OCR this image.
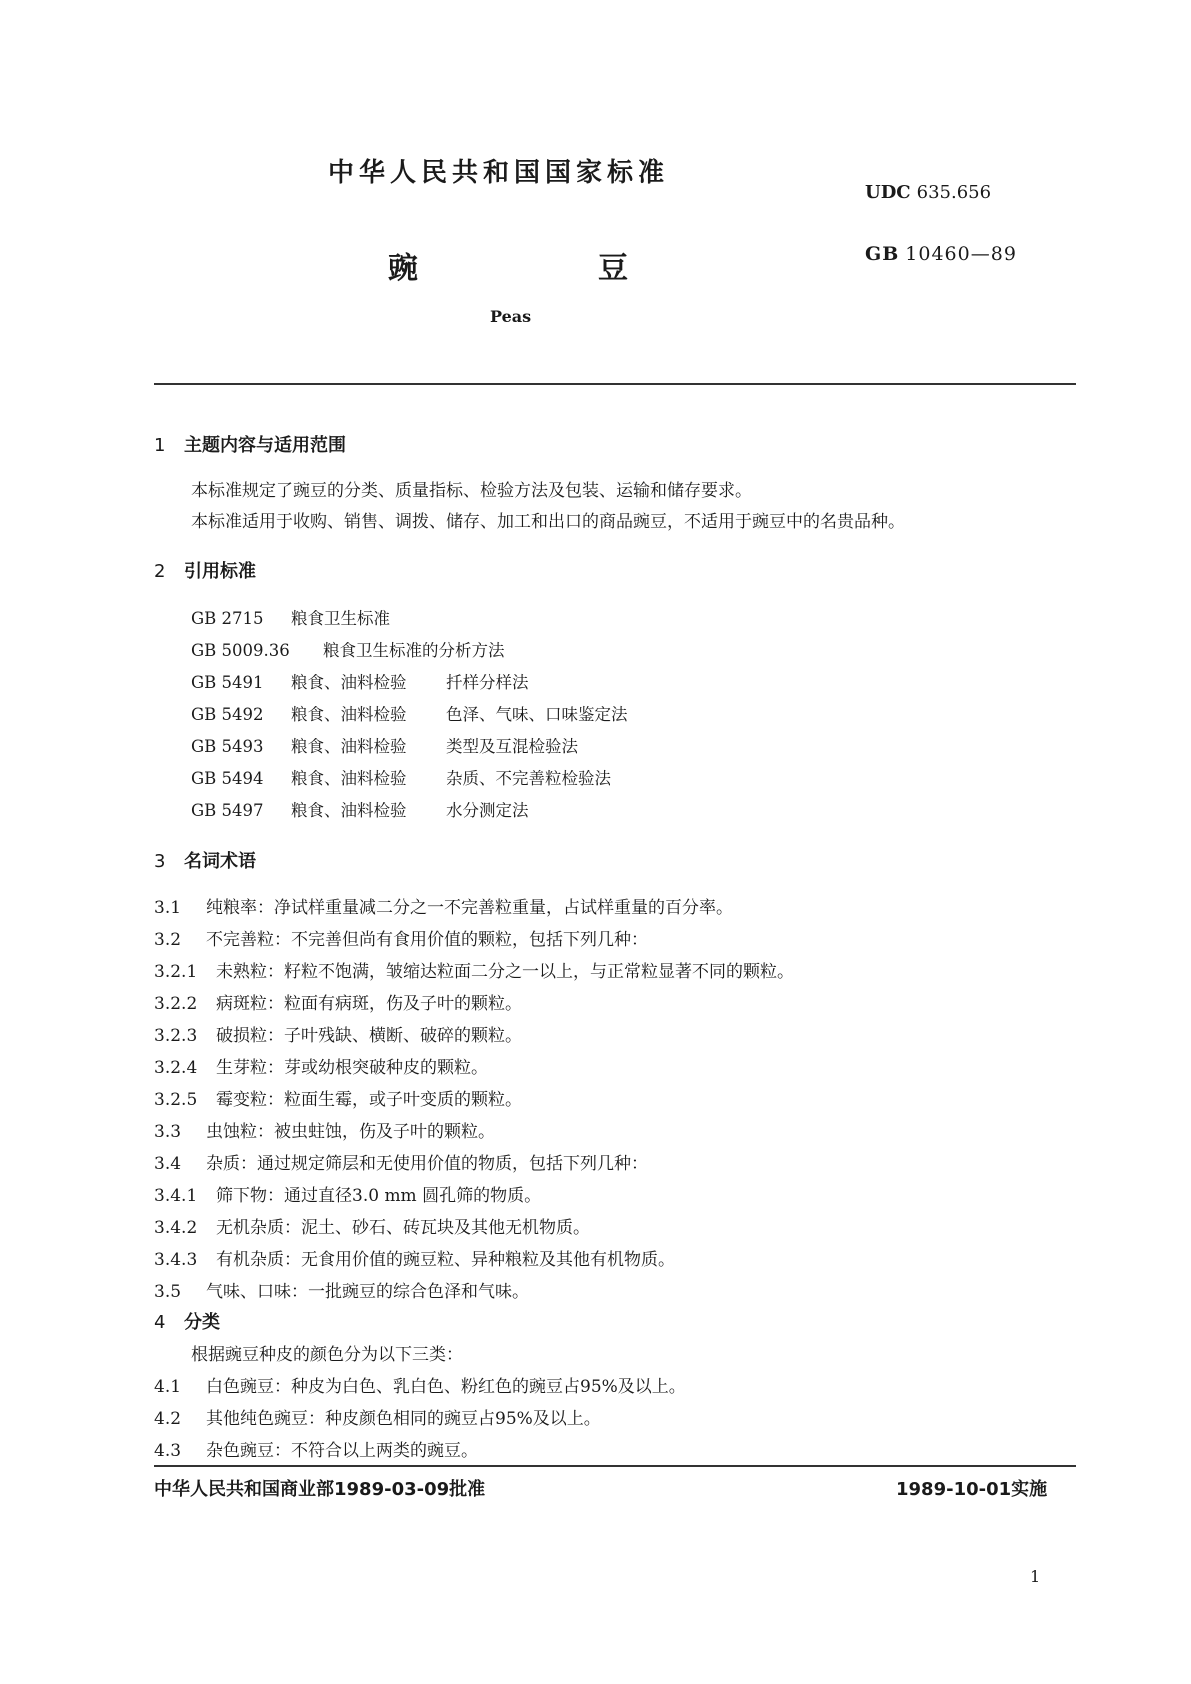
中华人民共和国国家标准
UDC 635.656
豌豆	GB 10460—89
Peas
1 主题内容与适用范围
本标准规定了豌豆的分类、质量指标、检验方法及包装、运输和储存要求。
本标准适用于收购、销售、调拨、储存、加工和出口的商品豌豆，不适用于豌豆中的名贵品种。
2 引用标准
GB 2715 粮食卫生标准
GB 5009.36 粮食卫生标准的分析方法
GB 5491 粮食、油料检验 扦样分样法
GB 5492 粮食、油料检验 色泽、气味、口味鉴定法
GB 5493 粮食、油料检验 类型及互混检验法
GB 5494 粮食、油料检验 杂质、不完善粒检验法
GB 5497 粮食、油料检验 水分测定法
3 名词术语
3.1 纯粮率：净试样重量减二分之一不完善粒重量，占试样重量的百分率。
3.2 不完善粒：不完善但尚有食用价值的颗粒，包括下列几种：
3.2.1 未熟粒：籽粒不饱满，皱缩达粒面二分之一以上，与正常粒显著不同的颗粒。
3.2.2 病斑粒：粒面有病斑，伤及子叶的颗粒。
3.2.3 破损粒：子叶残缺、横断、破碎的颗粒。
3.2.4 生芽粒：芽或幼根突破种皮的颗粒。
3.2.5 霉变粒：粒面生霉，或子叶变质的颗粒。
3.3 虫蚀粒：被虫蛀蚀，伤及子叶的颗粒。
3.4 杂质：通过规定筛层和无使用价值的物质，包括下列几种：
3.4.1 筛下物：通过直径3.0 mm 圆孔筛的物质。
3.4.2 无机杂质：泥土、砂石、砖瓦块及其他无机物质。
3.4.3 有机杂质：无食用价值的豌豆粒、异种粮粒及其他有机物质。
3.5 气味、口味：一批豌豆的综合色泽和气味。
4 分类
根据豌豆种皮的颜色分为以下三类：
4.1 白色豌豆：种皮为白色、乳白色、粉红色的豌豆占95%及以上。
4.2 其他纯色豌豆：种皮颜色相同的豌豆占95%及以上。
4.3 杂色豌豆：不符合以上两类的豌豆。
中华人民共和国商业部1989-03-09批准	1989-10-01实施
1
